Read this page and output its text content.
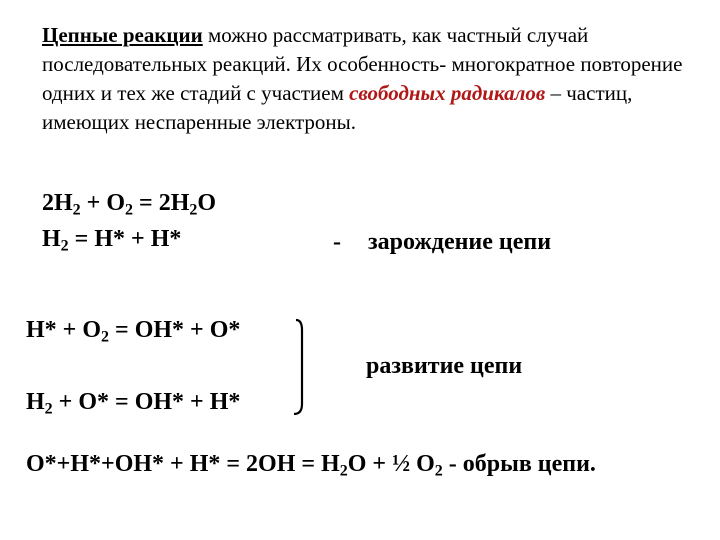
Цепные реакции можно рассматривать, как частный случай последовательных реакций. Их особенность- многократное повторение одних и тех же стадий с участием свободных радикалов – частиц, имеющих неспаренные электроны.

$2H_2 + O_2 = 2H_2O$
$H_2 = H* + H*$	- зарождение цепи
$H* + O_2 = OH* + O*$
развитие цепи
$H_2 + O* = OH* + H*$
$O*+H*+OH* + H* = 2OH = H_2O$ + ½ $O_2$ - обрыв цепи.
